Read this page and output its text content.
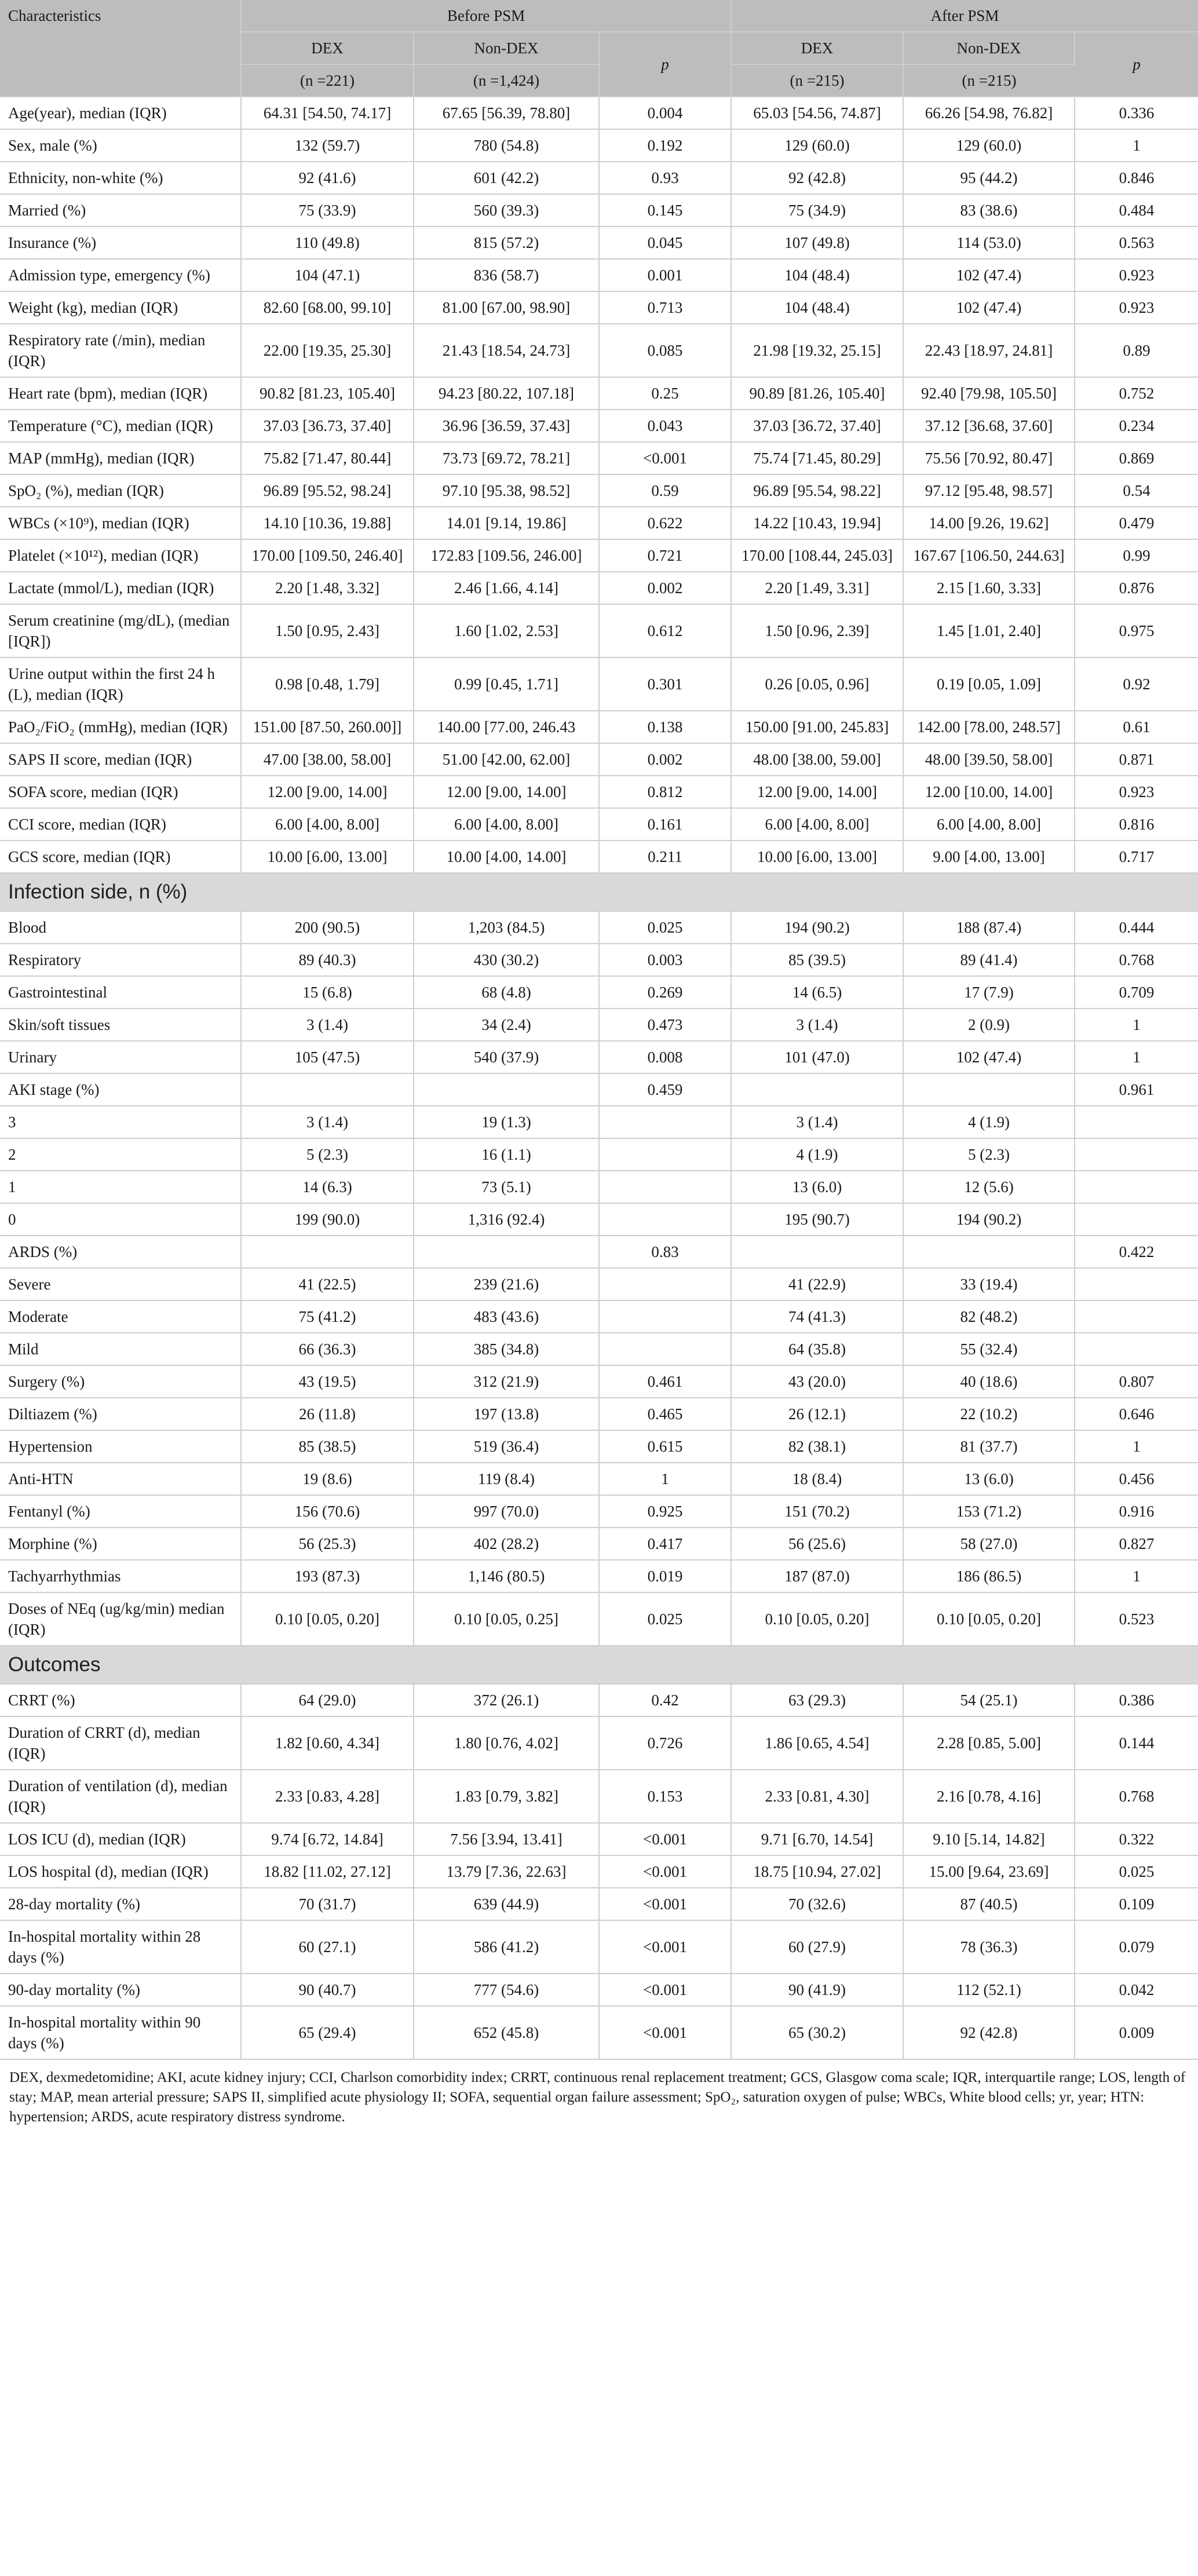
Characteristics	Before PSM			After PSM		
	DEX	Non-DEX	p	DEX	Non-DEX	p
	(n =221)	(n =1,424)		(n =215)	(n =215)	
Age(year), median (IQR)	64.31 [54.50, 74.17]	67.65 [56.39, 78.80]	0.004	65.03 [54.56, 74.87]	66.26 [54.98, 76.82]	0.336
Sex, male (%)	132 (59.7)	780 (54.8)	0.192	129 (60.0)	129 (60.0)	1
Ethnicity, non-white (%)	92 (41.6)	601 (42.2)	0.93	92 (42.8)	95 (44.2)	0.846
Married (%)	75 (33.9)	560 (39.3)	0.145	75 (34.9)	83 (38.6)	0.484
Insurance (%)	110 (49.8)	815 (57.2)	0.045	107 (49.8)	114 (53.0)	0.563
Admission type, emergency (%)	104 (47.1)	836 (58.7)	0.001	104 (48.4)	102 (47.4)	0.923
Weight (kg), median (IQR)	82.60 [68.00, 99.10]	81.00 [67.00, 98.90]	0.713	104 (48.4)	102 (47.4)	0.923
Respiratory rate (/min), median (IQR)	22.00 [19.35, 25.30]	21.43 [18.54, 24.73]	0.085	21.98 [19.32, 25.15]	22.43 [18.97, 24.81]	0.89
Heart rate (bpm), median (IQR)	90.82 [81.23, 105.40]	94.23 [80.22, 107.18]	0.25	90.89 [81.26, 105.40]	92.40 [79.98, 105.50]	0.752
Temperature (°C), median (IQR)	37.03 [36.73, 37.40]	36.96 [36.59, 37.43]	0.043	37.03 [36.72, 37.40]	37.12 [36.68, 37.60]	0.234
MAP (mmHg), median (IQR)	75.82 [71.47, 80.44]	73.73 [69.72, 78.21]	<0.001	75.74 [71.45, 80.29]	75.56 [70.92, 80.47]	0.869
SpO₂ (%), median (IQR)	96.89 [95.52, 98.24]	97.10 [95.38, 98.52]	0.59	96.89 [95.54, 98.22]	97.12 [95.48, 98.57]	0.54
WBCs (×10⁹), median (IQR)	14.10 [10.36, 19.88]	14.01 [9.14, 19.86]	0.622	14.22 [10.43, 19.94]	14.00 [9.26, 19.62]	0.479
Platelet (×10¹²), median (IQR)	170.00 [109.50, 246.40]	172.83 [109.56, 246.00]	0.721	170.00 [108.44, 245.03]	167.67 [106.50, 244.63]	0.99
Lactate (mmol/L), median (IQR)	2.20 [1.48, 3.32]	2.46 [1.66, 4.14]	0.002	2.20 [1.49, 3.31]	2.15 [1.60, 3.33]	0.876
Serum creatinine (mg/dL), (median [IQR])	1.50 [0.95, 2.43]	1.60 [1.02, 2.53]	0.612	1.50 [0.96, 2.39]	1.45 [1.01, 2.40]	0.975
Urine output within the first 24 h (L), median (IQR)	0.98 [0.48, 1.79]	0.99 [0.45, 1.71]	0.301	0.26 [0.05, 0.96]	0.19 [0.05, 1.09]	0.92
PaO₂/FiO₂ (mmHg), median (IQR)	151.00 [87.50, 260.00]]	140.00 [77.00, 246.43	0.138	150.00 [91.00, 245.83]	142.00 [78.00, 248.57]	0.61
SAPS II score, median (IQR)	47.00 [38.00, 58.00]	51.00 [42.00, 62.00]	0.002	48.00 [38.00, 59.00]	48.00 [39.50, 58.00]	0.871
SOFA score, median (IQR)	12.00 [9.00, 14.00]	12.00 [9.00, 14.00]	0.812	12.00 [9.00, 14.00]	12.00 [10.00, 14.00]	0.923
CCI score, median (IQR)	6.00 [4.00, 8.00]	6.00 [4.00, 8.00]	0.161	6.00 [4.00, 8.00]	6.00 [4.00, 8.00]	0.816
GCS score, median (IQR)	10.00 [6.00, 13.00]	10.00 [4.00, 14.00]	0.211	10.00 [6.00, 13.00]	9.00 [4.00, 13.00]	0.717
Infection side, n (%)						
Blood	200 (90.5)	1,203 (84.5)	0.025	194 (90.2)	188 (87.4)	0.444
Respiratory	89 (40.3)	430 (30.2)	0.003	85 (39.5)	89 (41.4)	0.768
Gastrointestinal	15 (6.8)	68 (4.8)	0.269	14 (6.5)	17 (7.9)	0.709
Skin/soft tissues	3 (1.4)	34 (2.4)	0.473	3 (1.4)	2 (0.9)	1
Urinary	105 (47.5)	540 (37.9)	0.008	101 (47.0)	102 (47.4)	1
AKI stage (%)			0.459			0.961
3	3 (1.4)	19 (1.3)		3 (1.4)	4 (1.9)	
2	5 (2.3)	16 (1.1)		4 (1.9)	5 (2.3)	
1	14 (6.3)	73 (5.1)		13 (6.0)	12 (5.6)	
0	199 (90.0)	1,316 (92.4)		195 (90.7)	194 (90.2)	
ARDS (%)			0.83			0.422
Severe	41 (22.5)	239 (21.6)		41 (22.9)	33 (19.4)	
Moderate	75 (41.2)	483 (43.6)		74 (41.3)	82 (48.2)	
Mild	66 (36.3)	385 (34.8)		64 (35.8)	55 (32.4)	
Surgery (%)	43 (19.5)	312 (21.9)	0.461	43 (20.0)	40 (18.6)	0.807
Diltiazem (%)	26 (11.8)	197 (13.8)	0.465	26 (12.1)	22 (10.2)	0.646
Hypertension	85 (38.5)	519 (36.4)	0.615	82 (38.1)	81 (37.7)	1
Anti-HTN	19 (8.6)	119 (8.4)	1	18 (8.4)	13 (6.0)	0.456
Fentanyl (%)	156 (70.6)	997 (70.0)	0.925	151 (70.2)	153 (71.2)	0.916
Morphine (%)	56 (25.3)	402 (28.2)	0.417	56 (25.6)	58 (27.0)	0.827
Tachyarrhythmias	193 (87.3)	1,146 (80.5)	0.019	187 (87.0)	186 (86.5)	1
Doses of NEq (ug/kg/min) median (IQR)	0.10 [0.05, 0.20]	0.10 [0.05, 0.25]	0.025	0.10 [0.05, 0.20]	0.10 [0.05, 0.20]	0.523
Outcomes						
CRRT (%)	64 (29.0)	372 (26.1)	0.42	63 (29.3)	54 (25.1)	0.386
Duration of CRRT (d), median (IQR)	1.82 [0.60, 4.34]	1.80 [0.76, 4.02]	0.726	1.86 [0.65, 4.54]	2.28 [0.85, 5.00]	0.144
Duration of ventilation (d), median (IQR)	2.33 [0.83, 4.28]	1.83 [0.79, 3.82]	0.153	2.33 [0.81, 4.30]	2.16 [0.78, 4.16]	0.768
LOS ICU (d), median (IQR)	9.74 [6.72, 14.84]	7.56 [3.94, 13.41]	<0.001	9.71 [6.70, 14.54]	9.10 [5.14, 14.82]	0.322
LOS hospital (d), median (IQR)	18.82 [11.02, 27.12]	13.79 [7.36, 22.63]	<0.001	18.75 [10.94, 27.02]	15.00 [9.64, 23.69]	0.025
28-day mortality (%)	70 (31.7)	639 (44.9)	<0.001	70 (32.6)	87 (40.5)	0.109
In-hospital mortality within 28 days (%)	60 (27.1)	586 (41.2)	<0.001	60 (27.9)	78 (36.3)	0.079
90-day mortality (%)	90 (40.7)	777 (54.6)	<0.001	90 (41.9)	112 (52.1)	0.042
In-hospital mortality within 90 days (%)	65 (29.4)	652 (45.8)	<0.001	65 (30.2)	92 (42.8)	0.009
DEX, dexmedetomidine; AKI, acute kidney injury; CCI, Charlson comorbidity index; CRRT, continuous renal replacement treatment; GCS, Glasgow coma scale; IQR, interquartile range; LOS, length of stay; MAP, mean arterial pressure; SAPS II, simplified acute physiology II; SOFA, sequential organ failure assessment; SpO₂, saturation oxygen of pulse; WBCs, White blood cells; yr, year; HTN: hypertension; ARDS, acute respiratory distress syndrome.
